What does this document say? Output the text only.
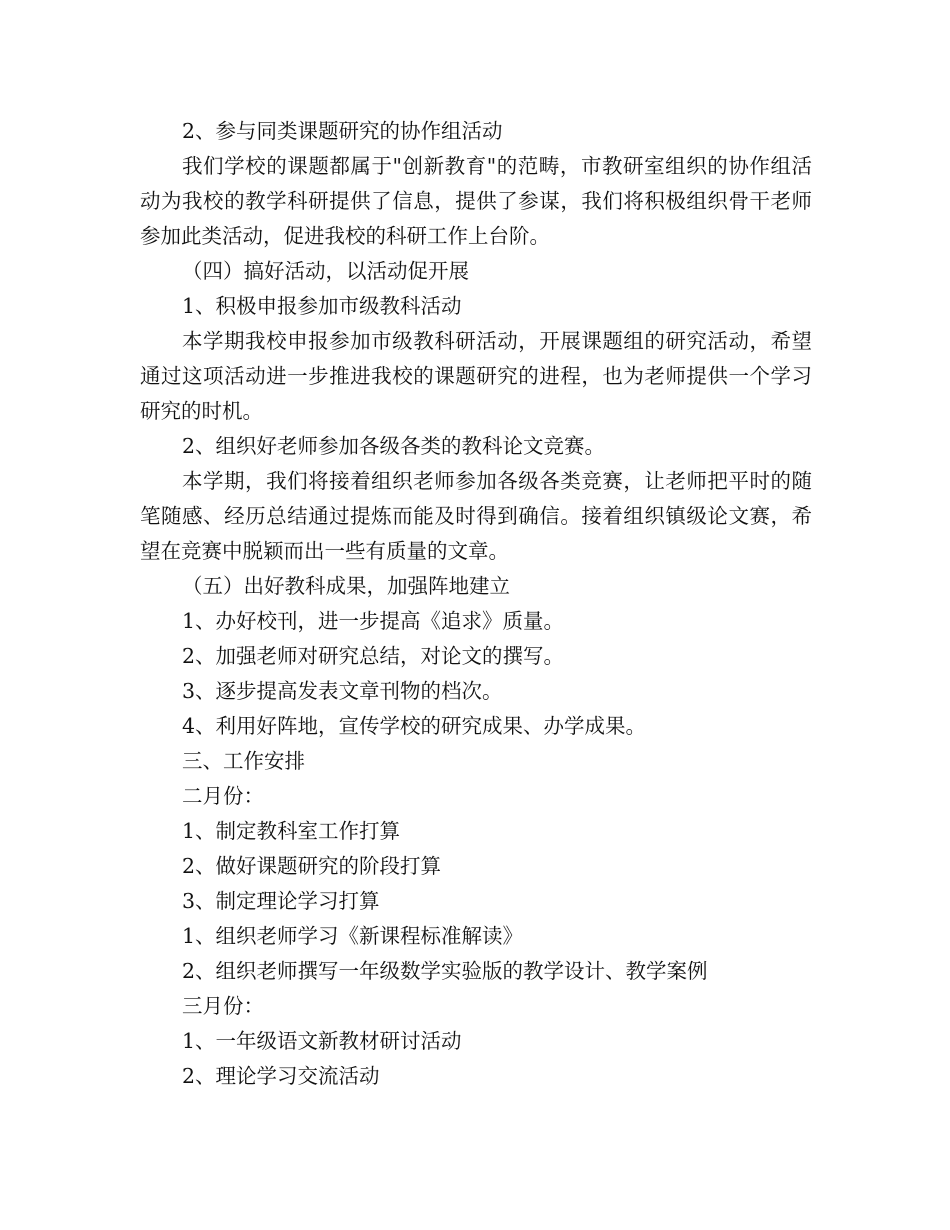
2、参与同类课题研究的协作组活动

我们学校的课题都属于"创新教育"的范畴，市教研室组织的协作组活动为我校的教学科研提供了信息，提供了参谋，我们将积极组织骨干老师参加此类活动，促进我校的科研工作上台阶。

（四）搞好活动，以活动促开展

1、积极申报参加市级教科活动

本学期我校申报参加市级教科研活动，开展课题组的研究活动，希望通过这项活动进一步推进我校的课题研究的进程，也为老师提供一个学习研究的时机。

2、组织好老师参加各级各类的教科论文竞赛。

本学期，我们将接着组织老师参加各级各类竞赛，让老师把平时的随笔随感、经历总结通过提炼而能及时得到确信。接着组织镇级论文赛，希望在竞赛中脱颖而出一些有质量的文章。

（五）出好教科成果，加强阵地建立

1、办好校刊，进一步提高《追求》质量。

2、加强老师对研究总结，对论文的撰写。

3、逐步提高发表文章刊物的档次。

4、利用好阵地，宣传学校的研究成果、办学成果。

三、工作安排

二月份：

1、制定教科室工作打算

2、做好课题研究的阶段打算

3、制定理论学习打算

1、组织老师学习《新课程标准解读》

2、组织老师撰写一年级数学实验版的教学设计、教学案例

三月份：

1、一年级语文新教材研讨活动

2、理论学习交流活动
